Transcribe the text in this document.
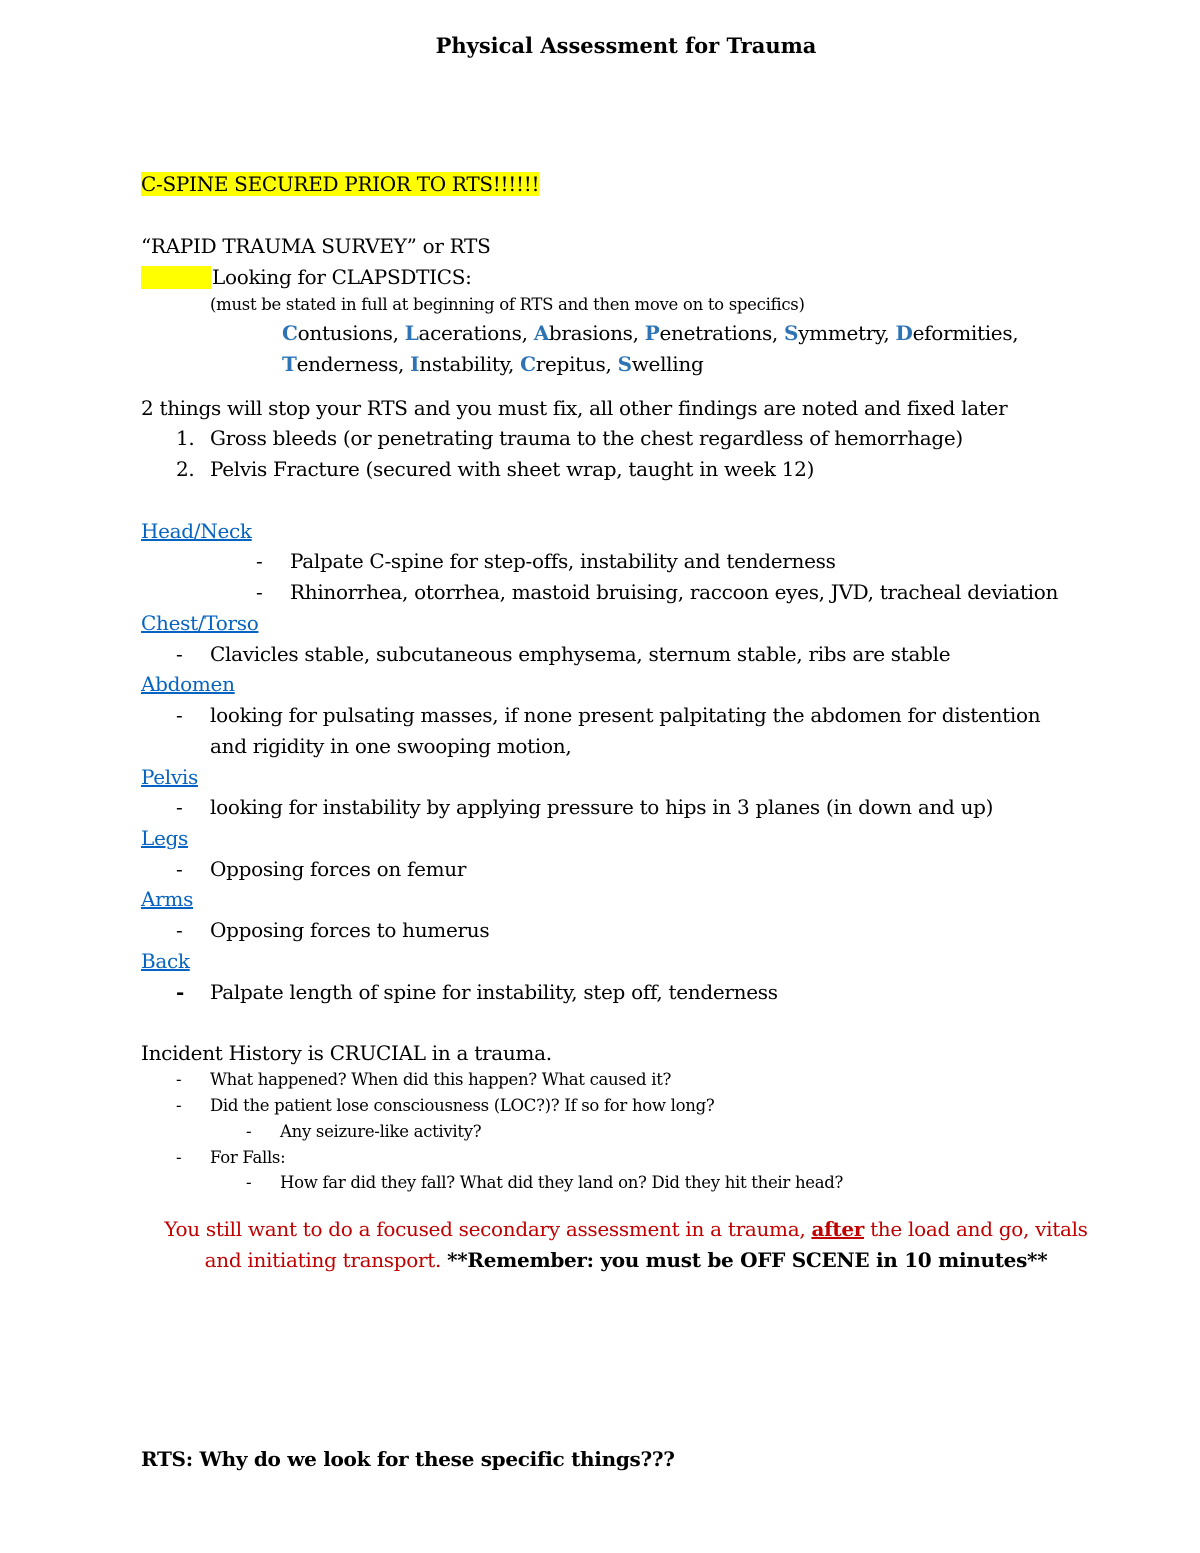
Physical Assessment for Trauma
C-SPINE SECURED PRIOR TO RTS!!!!!!
“RAPID TRAUMA SURVEY” or RTS
Looking for CLAPSDTICS:
(must be stated in full at beginning of RTS and then move on to specifics)
Contusions, Lacerations, Abrasions, Penetrations, Symmetry, Deformities,
Tenderness, Instability, Crepitus, Swelling
2 things will stop your RTS and you must fix, all other findings are noted and fixed later
1. Gross bleeds (or penetrating trauma to the chest regardless of hemorrhage)
2. Pelvis Fracture (secured with sheet wrap, taught in week 12)
Head/Neck
- Palpate C-spine for step-offs, instability and tenderness
- Rhinorrhea, otorrhea, mastoid bruising, raccoon eyes, JVD, tracheal deviation
Chest/Torso
- Clavicles stable, subcutaneous emphysema, sternum stable, ribs are stable
Abdomen
- looking for pulsating masses, if none present palpitating the abdomen for distention
and rigidity in one swooping motion,
Pelvis
- looking for instability by applying pressure to hips in 3 planes (in down and up)
Legs
- Opposing forces on femur
Arms
- Opposing forces to humerus
Back
- Palpate length of spine for instability, step off, tenderness
Incident History is CRUCIAL in a trauma.
- What happened? When did this happen? What caused it?
- Did the patient lose consciousness (LOC?)? If so for how long?
- Any seizure-like activity?
- For Falls:
- How far did they fall? What did they land on? Did they hit their head?
You still want to do a focused secondary assessment in a trauma, after the load and go, vitals
and initiating transport. **Remember: you must be OFF SCENE in 10 minutes**
RTS: Why do we look for these specific things???
